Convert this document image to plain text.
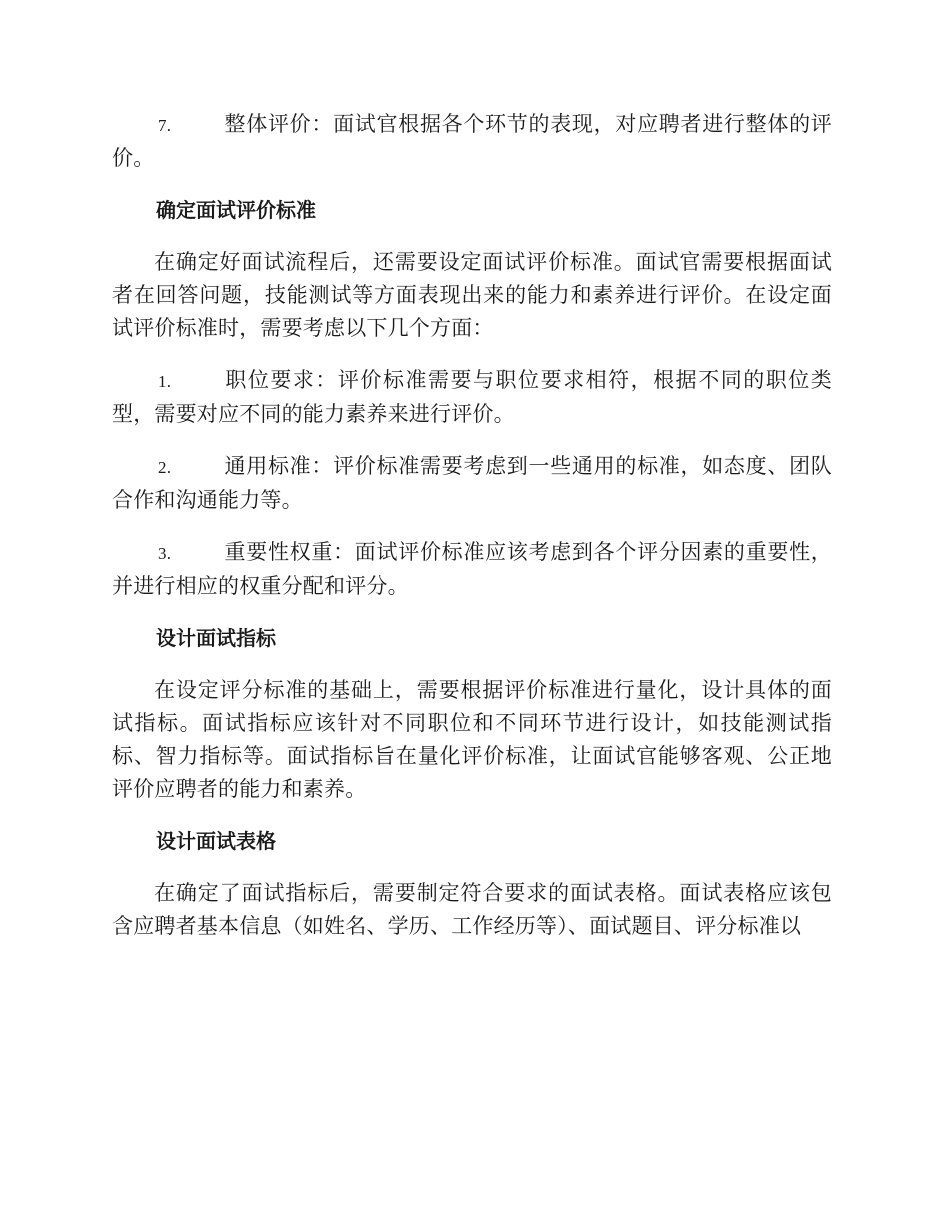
7.	整体评价：面试官根据各个环节的表现，对应聘者进行整体的评价。

确定面试评价标准

在确定好面试流程后，还需要设定面试评价标准。面试官需要根据面试者在回答问题，技能测试等方面表现出来的能力和素养进行评价。在设定面试评价标准时，需要考虑以下几个方面：

1.	职位要求：评价标准需要与职位要求相符，根据不同的职位类型，需要对应不同的能力素养来进行评价。

2.	通用标准：评价标准需要考虑到一些通用的标准，如态度、团队合作和沟通能力等。

3.	重要性权重：面试评价标准应该考虑到各个评分因素的重要性，并进行相应的权重分配和评分。

设计面试指标

在设定评分标准的基础上，需要根据评价标准进行量化，设计具体的面试指标。面试指标应该针对不同职位和不同环节进行设计，如技能测试指标、智力指标等。面试指标旨在量化评价标准，让面试官能够客观、公正地评价应聘者的能力和素养。

设计面试表格

在确定了面试指标后，需要制定符合要求的面试表格。面试表格应该包含应聘者基本信息（如姓名、学历、工作经历等）、面试题目、评分标准以
